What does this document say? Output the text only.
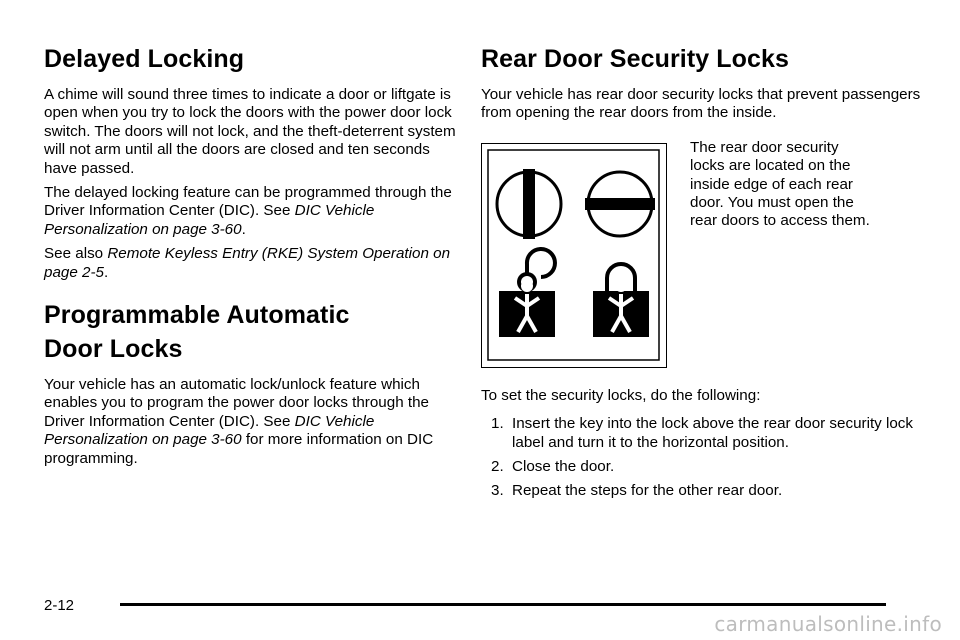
Delayed Locking

A chime will sound three times to indicate a door or liftgate is open when you try to lock the doors with the power door lock switch. The doors will not lock, and the theft-deterrent system will not arm until all the doors are closed and ten seconds have passed.

The delayed locking feature can be programmed through the Driver Information Center (DIC). See DIC Vehicle Personalization on page 3-60.

See also Remote Keyless Entry (RKE) System Operation on page 2-5.

Programmable Automatic
Door Locks

Your vehicle has an automatic lock/unlock feature which enables you to program the power door locks through the Driver Information Center (DIC). See DIC Vehicle Personalization on page 3-60 for more information on DIC programming.

Rear Door Security Locks

Your vehicle has rear door security locks that prevent passengers from opening the rear doors from the inside.

The rear door security locks are located on the inside edge of each rear door. You must open the rear doors to access them.

To set the security locks, do the following:

1. Insert the key into the lock above the rear door security lock label and turn it to the horizontal position.
2. Close the door.
3. Repeat the steps for the other rear door.
2-12
carmanualsonline.info
